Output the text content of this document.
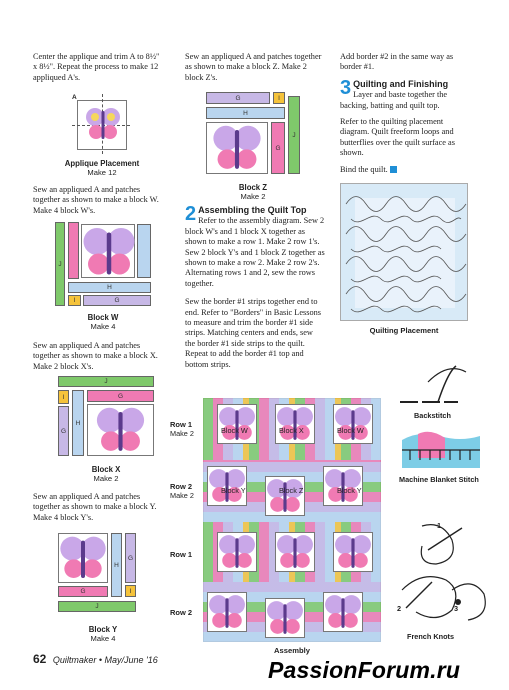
Center the applique and trim A to 8½" x 8½". Repeat the process to make 12 appliqued A's.

A
Applique Placement
Make 12

Sew an appliqued A and patches together as shown to make a block W. Make 4 block W's.

J
H
I	G
Block W
Make 4

Sew an appliqued A and patches together as shown to make a block X. Make 2 block X's.

J
I
G
H
G
Block X
Make 2

Sew an appliqued A and patches together as shown to make a block Y. Make 4 block Y's.

H
G
I
G
J
Block Y
Make 4

Sew an appliqued A and patches together as shown to make a block Z. Make 2 block Z's.

G	I
H
G
J
Block Z
Make 2
2 Assembling the Quilt Top Refer to the assembly diagram. Sew 2 block W's and 1 block X together as shown to make a row 1. Make 2 row 1's. Sew 2 block Y's and 1 block Z together as shown to make a row 2. Make 2 row 2's. Alternating rows 1 and 2, sew the rows together.

Sew the border #1 strips together end to end. Refer to "Borders" in Basic Lessons to measure and trim the border #1 side strips. Matching centers and ends, sew the border #1 side strips to the quilt. Repeat to add the border #1 top and bottom strips.

Block W	Block X	Block W
Block Y	Block Z	Block Y
Row 1
Make 2
Row 2
Make 2
Row 1
Row 2
Assembly

Add border #2 in the same way as border #1.

3 Quilting and Finishing
Layer and baste together the backing, batting and quilt top.

Refer to the quilting placement diagram. Quilt freeform loops and butterflies over the quilt surface as shown.

Bind the quilt.

Quilting Placement
Backstitch
Machine Blanket Stitch
1
2	3
French Knots
62 Quiltmaker • May/June '16	PassionForum.ru
